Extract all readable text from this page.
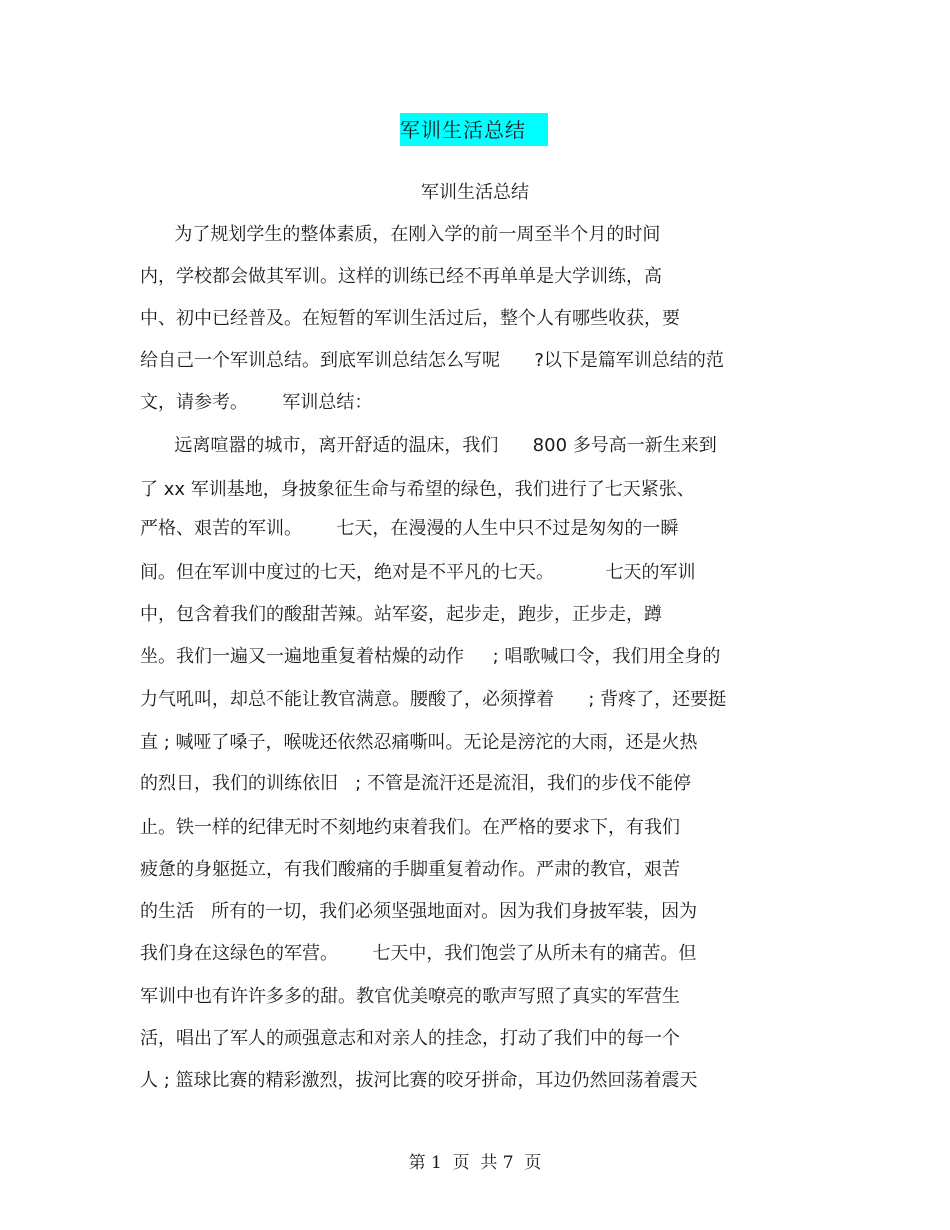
军训生活总结
军训生活总结
为了规划学生的整体素质，在刚入学的前一周至半个月的时间
内，学校都会做其军训。这样的训练已经不再单单是大学训练，高
中、初中已经普及。在短暂的军训生活过后，整个人有哪些收获，要
给自己一个军训总结。到底军训总结怎么写呢      ?以下是篇军训总结的范
文，请参考。      军训总结：
远离喧嚣的城市，离开舒适的温床，我们      800 多号高一新生来到
了 xx 军训基地，身披象征生命与希望的绿色，我们进行了七天紧张、
严格、艰苦的军训。      七天，在漫漫的人生中只不过是匆匆的一瞬
间。但在军训中度过的七天，绝对是不平凡的七天。         七天的军训
中，包含着我们的酸甜苦辣。站军姿，起步走，跑步，正步走，蹲
坐。我们一遍又一遍地重复着枯燥的动作     ; 唱歌喊口令，我们用全身的
力气吼叫，却总不能让教官满意。腰酸了，必须撑着      ; 背疼了，还要挺
直 ; 喊哑了嗓子，喉咙还依然忍痛嘶叫。无论是滂沱的大雨，还是火热
的烈日，我们的训练依旧   ; 不管是流汗还是流泪，我们的步伐不能停
止。铁一样的纪律无时不刻地约束着我们。在严格的要求下，有我们
疲惫的身躯挺立，有我们酸痛的手脚重复着动作。严肃的教官，艰苦
的生活   所有的一切，我们必须坚强地面对。因为我们身披军装，因为
我们身在这绿色的军营。      七天中，我们饱尝了从所未有的痛苦。但
军训中也有许许多多的甜。教官优美嘹亮的歌声写照了真实的军营生
活，唱出了军人的顽强意志和对亲人的挂念，打动了我们中的每一个
人 ; 篮球比赛的精彩激烈，拔河比赛的咬牙拼命，耳边仍然回荡着震天
第 1  页  共 7  页
